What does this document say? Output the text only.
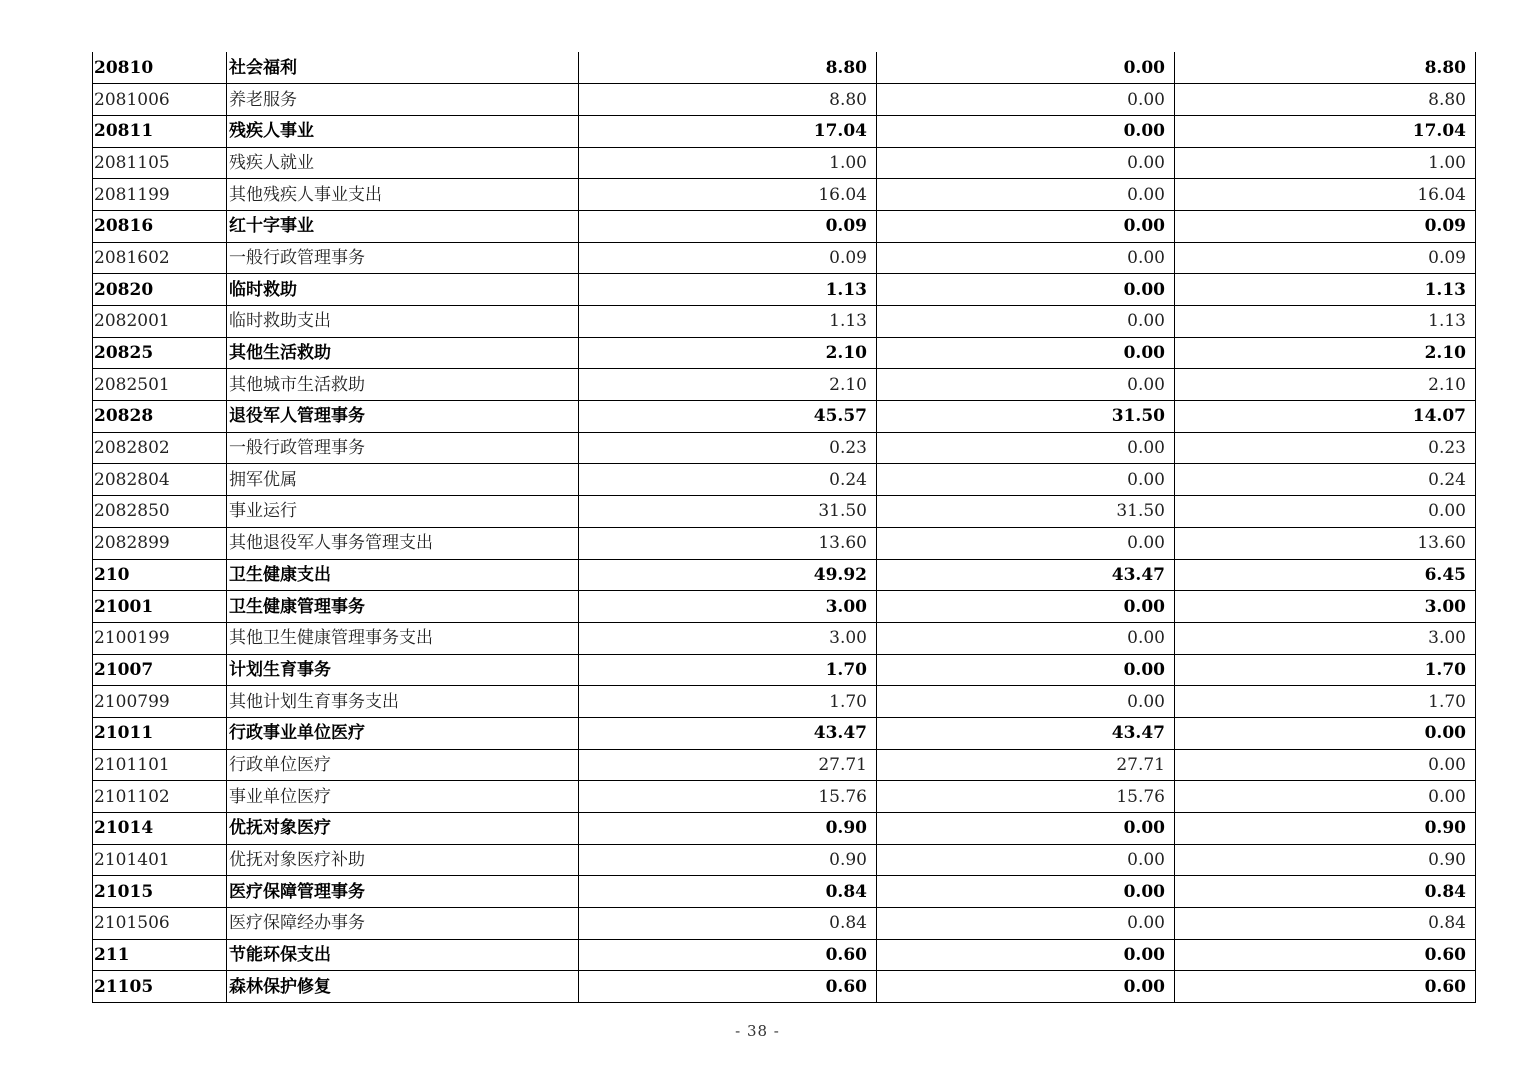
20810	社会福利	8.80	0.00	8.80
2081006	养老服务	8.80	0.00	8.80
20811	残疾人事业	17.04	0.00	17.04
2081105	残疾人就业	1.00	0.00	1.00
2081199	其他残疾人事业支出	16.04	0.00	16.04
20816	红十字事业	0.09	0.00	0.09
2081602	一般行政管理事务	0.09	0.00	0.09
20820	临时救助	1.13	0.00	1.13
2082001	临时救助支出	1.13	0.00	1.13
20825	其他生活救助	2.10	0.00	2.10
2082501	其他城市生活救助	2.10	0.00	2.10
20828	退役军人管理事务	45.57	31.50	14.07
2082802	一般行政管理事务	0.23	0.00	0.23
2082804	拥军优属	0.24	0.00	0.24
2082850	事业运行	31.50	31.50	0.00
2082899	其他退役军人事务管理支出	13.60	0.00	13.60
210	卫生健康支出	49.92	43.47	6.45
21001	卫生健康管理事务	3.00	0.00	3.00
2100199	其他卫生健康管理事务支出	3.00	0.00	3.00
21007	计划生育事务	1.70	0.00	1.70
2100799	其他计划生育事务支出	1.70	0.00	1.70
21011	行政事业单位医疗	43.47	43.47	0.00
2101101	行政单位医疗	27.71	27.71	0.00
2101102	事业单位医疗	15.76	15.76	0.00
21014	优抚对象医疗	0.90	0.00	0.90
2101401	优抚对象医疗补助	0.90	0.00	0.90
21015	医疗保障管理事务	0.84	0.00	0.84
2101506	医疗保障经办事务	0.84	0.00	0.84
211	节能环保支出	0.60	0.00	0.60
21105	森林保护修复	0.60	0.00	0.60
- 38 -
